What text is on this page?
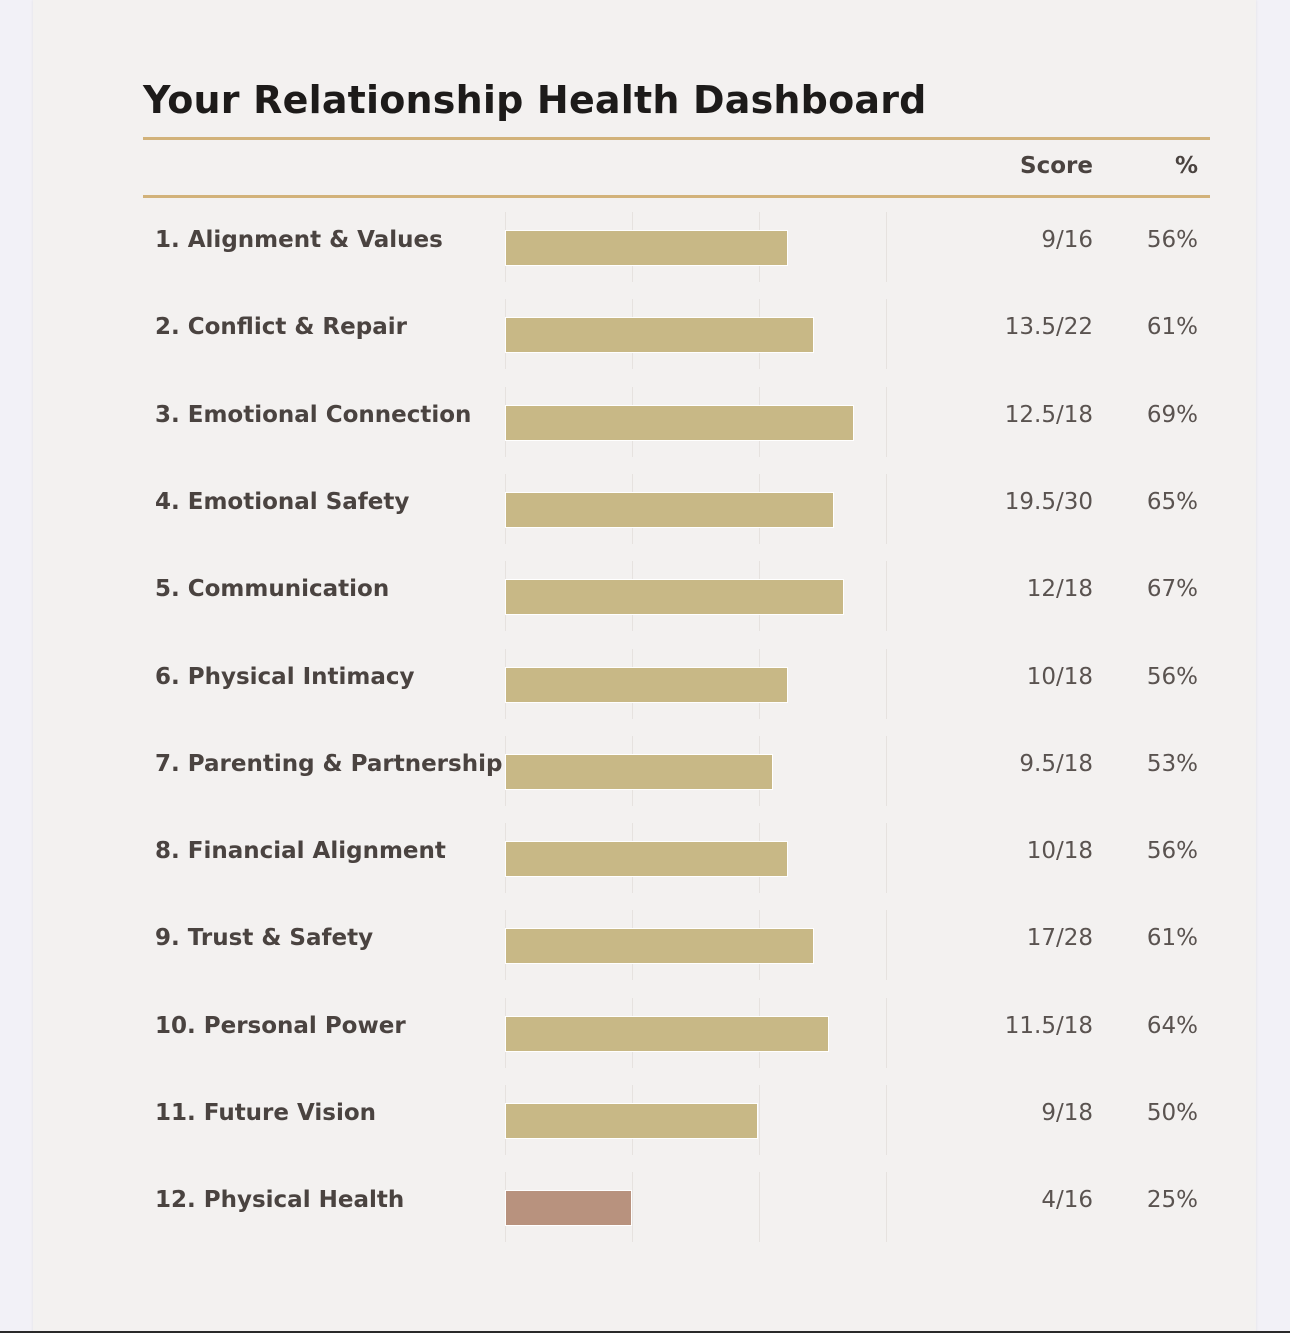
Your Relationship Health Dashboard
Score	%
1. Alignment & Values	9/16	56%
2. Conflict & Repair	13.5/22	61%
3. Emotional Connection	12.5/18	69%
4. Emotional Safety	19.5/30	65%
5. Communication	12/18	67%
6. Physical Intimacy	10/18	56%
7. Parenting & Partnership	9.5/18	53%
8. Financial Alignment	10/18	56%
9. Trust & Safety	17/28	61%
10. Personal Power	11.5/18	64%
11. Future Vision	9/18	50%
12. Physical Health	4/16	25%
